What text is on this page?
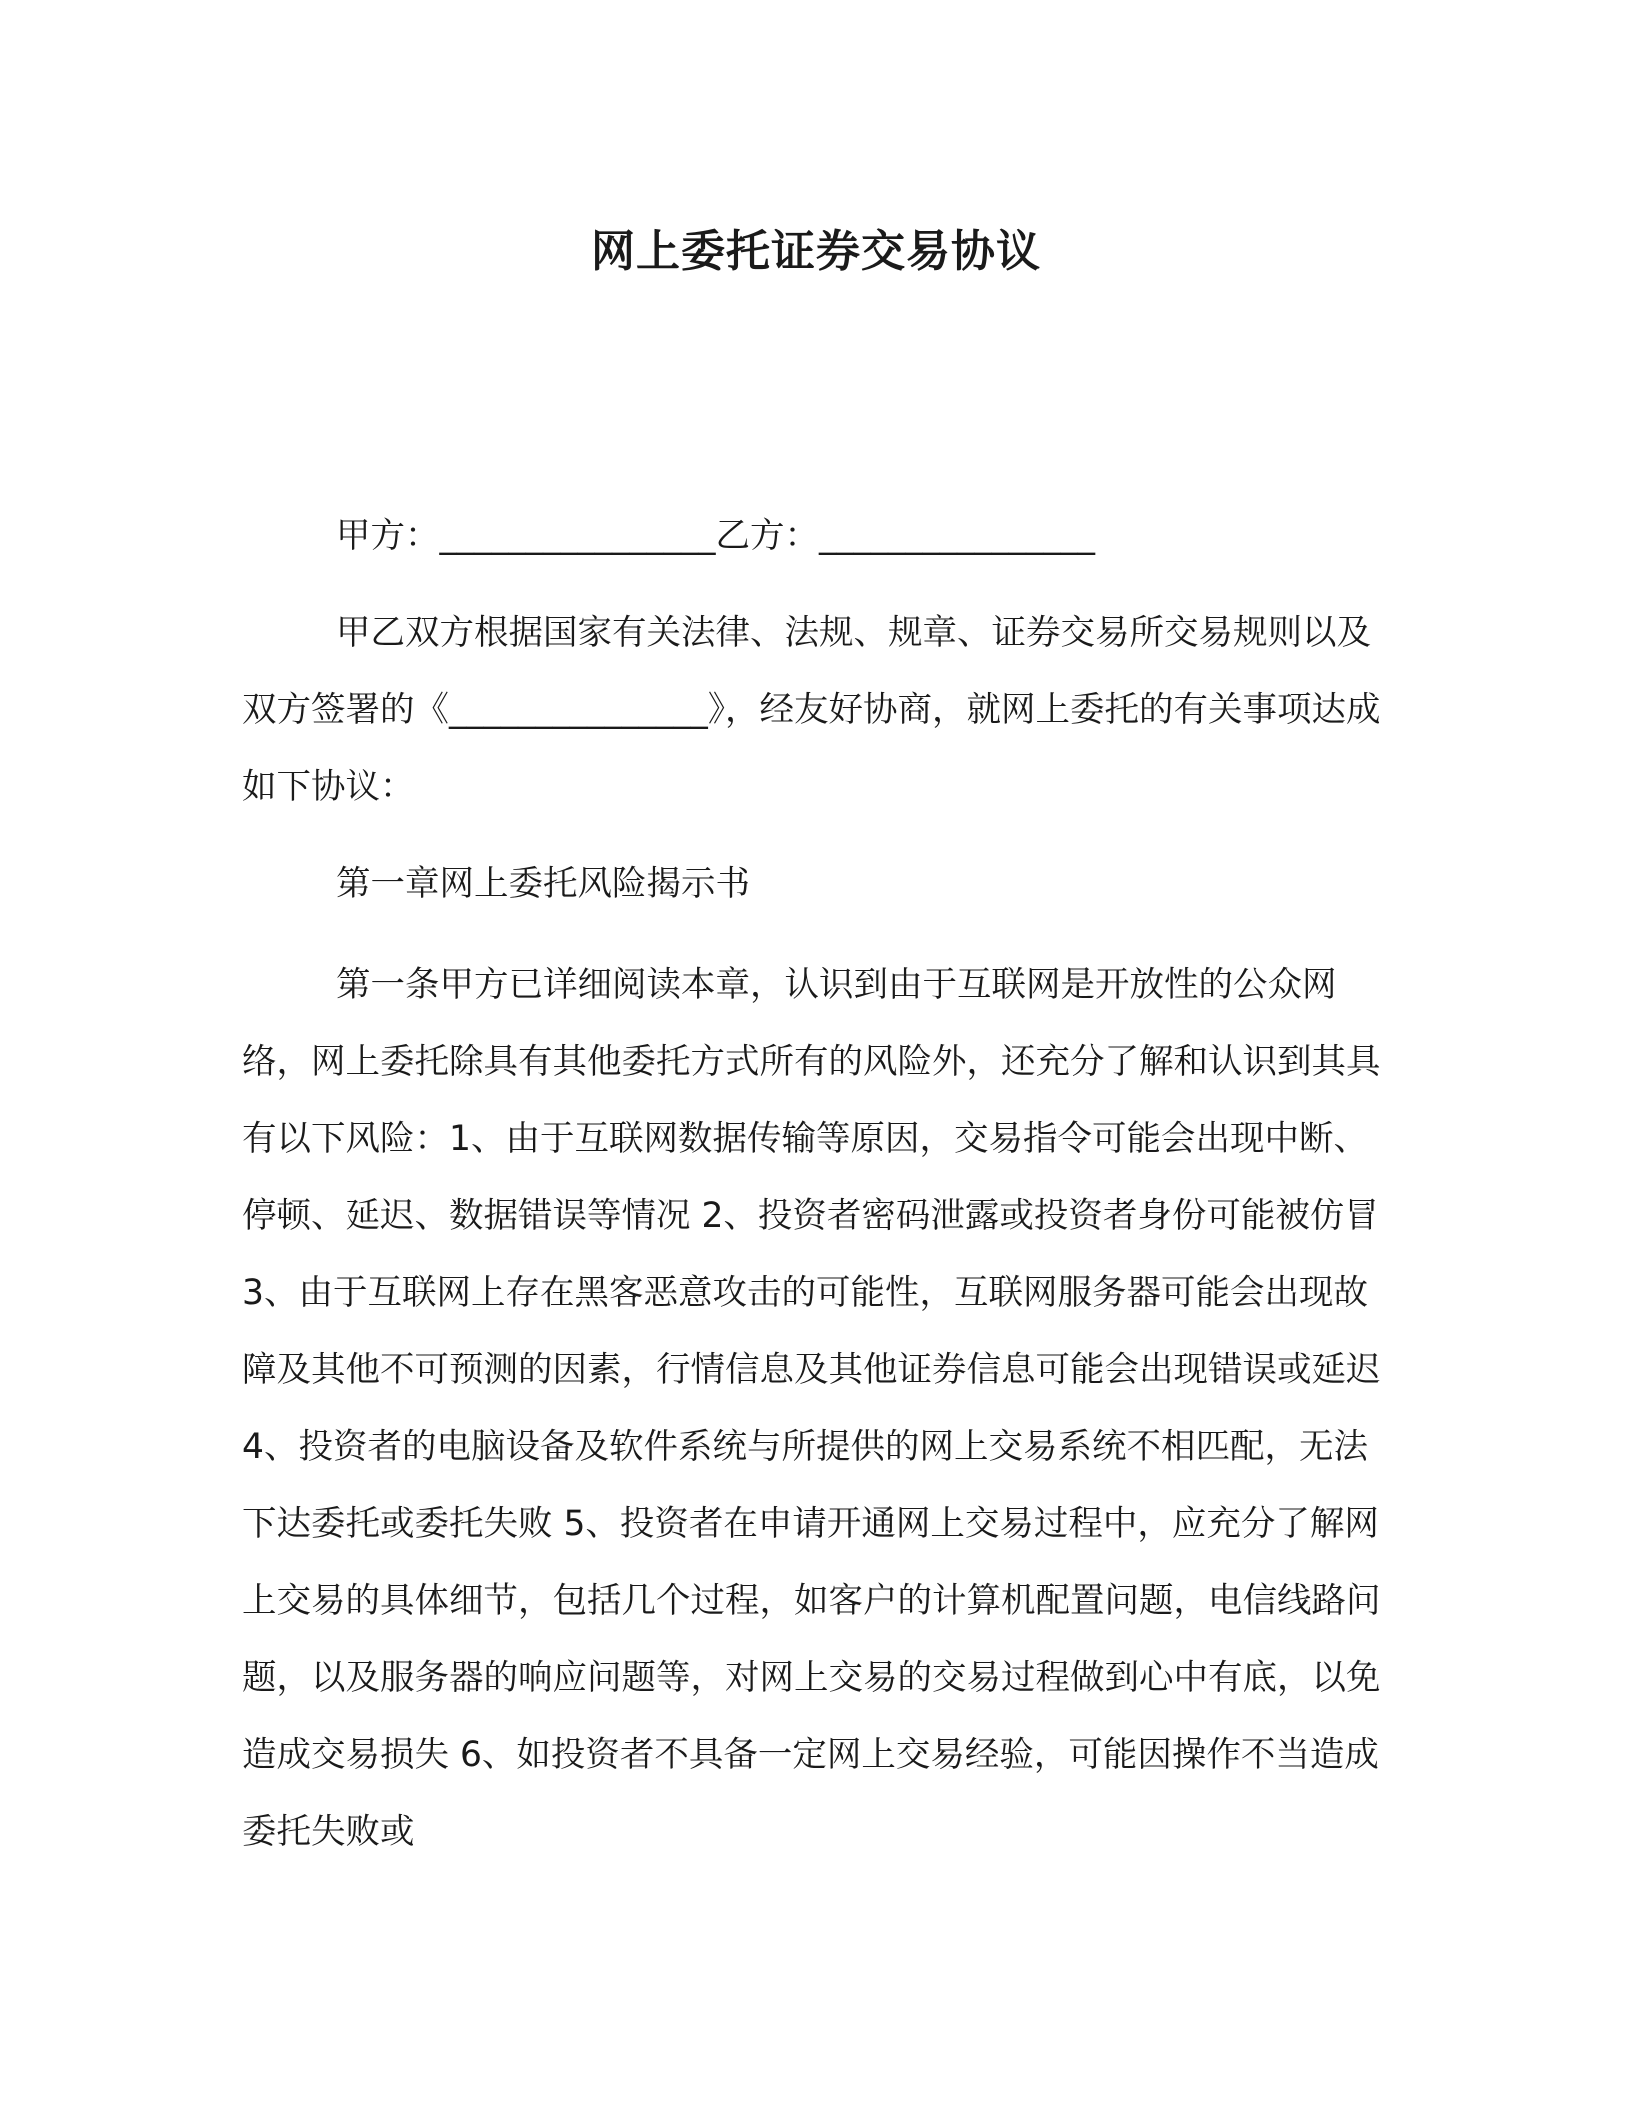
网上委托证券交易协议

甲方：________________乙方：________________

甲乙双方根据国家有关法律、法规、规章、证券交易所交易规则以及双方签署的《_______________》，经友好协商，就网上委托的有关事项达成如下协议：

第一章网上委托风险揭示书

第一条甲方已详细阅读本章，认识到由于互联网是开放性的公众网络，网上委托除具有其他委托方式所有的风险外，还充分了解和认识到其具有以下风险：1、由于互联网数据传输等原因，交易指令可能会出现中断、停顿、延迟、数据错误等情况 2、投资者密码泄露或投资者身份可能被仿冒 3、由于互联网上存在黑客恶意攻击的可能性，互联网服务器可能会出现故障及其他不可预测的因素，行情信息及其他证券信息可能会出现错误或延迟 4、投资者的电脑设备及软件系统与所提供的网上交易系统不相匹配，无法下达委托或委托失败 5、投资者在申请开通网上交易过程中，应充分了解网上交易的具体细节，包括几个过程，如客户的计算机配置问题，电信线路问题，以及服务器的响应问题等，对网上交易的交易过程做到心中有底，以免造成交易损失 6、如投资者不具备一定网上交易经验，可能因操作不当造成委托失败或
